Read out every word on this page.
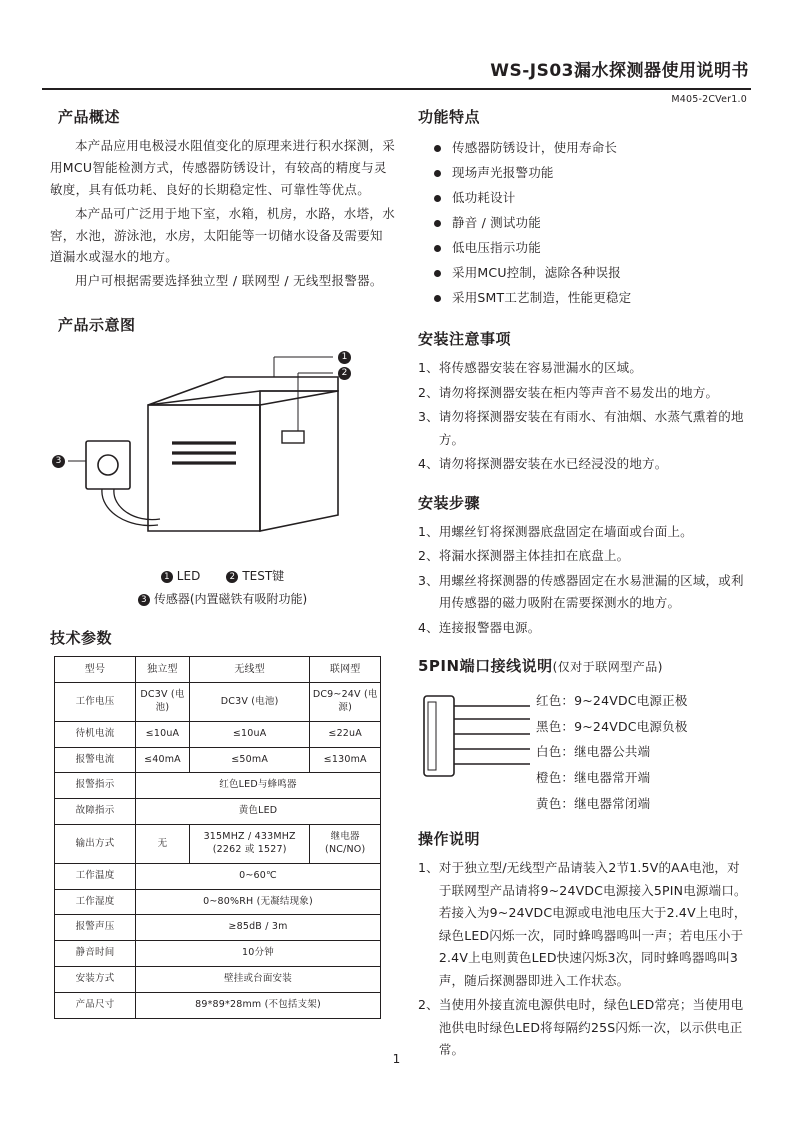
WS-JS03漏水探测器使用说明书
M405-2CVer1.0
产品概述

本产品应用电极浸水阻值变化的原理来进行积水探测，采用MCU智能检测方式，传感器防锈设计，有较高的精度与灵敏度，具有低功耗、良好的长期稳定性、可靠性等优点。

本产品可广泛用于地下室，水箱，机房，水路，水塔，水窖，水池，游泳池，水房，太阳能等一切储水设备及需要知道漏水或湿水的地方。

用户可根据需要选择独立型 / 联网型 / 无线型报警器。

产品示意图
1
2
3
1 LED	2 TEST键
3 传感器(内置磁铁有吸附功能)
技术参数
型号	独立型	无线型	联网型
工作电压	DC3V (电池)	DC3V (电池)	DC9~24V (电源)
待机电流	≤10uA	≤10uA	≤22uA
报警电流	≤40mA	≤50mA	≤130mA
报警指示	红色LED与蜂鸣器		
故障指示	黄色LED		
输出方式	无	315MHZ / 433MHZ (2262 或 1527)	继电器(NC/NO)
工作温度	0~60℃		
工作湿度	0~80%RH (无凝结现象)		
报警声压	≥85dB / 3m		
静音时间	10分钟		
安装方式	壁挂或台面安装		
产品尺寸	89*89*28mm (不包括支架)		
功能特点
传感器防锈设计，使用寿命长
现场声光报警功能
低功耗设计
静音 / 测试功能
低电压指示功能
采用MCU控制，滤除各种误报
采用SMT工艺制造，性能更稳定
安装注意事项
1、 将传感器安装在容易泄漏水的区域。
2、 请勿将探测器安装在柜内等声音不易发出的地方。
3、 请勿将探测器安装在有雨水、有油烟、水蒸气熏着的地方。
4、 请勿将探测器安装在水已经浸没的地方。
安装步骤
1、 用螺丝钉将探测器底盘固定在墙面或台面上。
2、 将漏水探测器主体挂扣在底盘上。
3、 用螺丝将探测器的传感器固定在水易泄漏的区域，或利用传感器的磁力吸附在需要探测水的地方。
4、 连接报警器电源。
5PIN端口接线说明(仅对于联网型产品)
红色：9~24VDC电源正极
黑色：9~24VDC电源负极
白色：继电器公共端
橙色：继电器常开端
黄色：继电器常闭端
操作说明
1、 对于独立型/无线型产品请装入2节1.5V的AA电池，对于联网型产品请将9~24VDC电源接入5PIN电源端口。若接入为9~24VDC电源或电池电压大于2.4V上电时，绿色LED闪烁一次，同时蜂鸣器鸣叫一声；若电压小于2.4V上电则黄色LED快速闪烁3次，同时蜂鸣器鸣叫3声，随后探测器即进入工作状态。
2、 当使用外接直流电源供电时，绿色LED常亮；当使用电池供电时绿色LED将每隔约25S闪烁一次，以示供电正 常。
1
